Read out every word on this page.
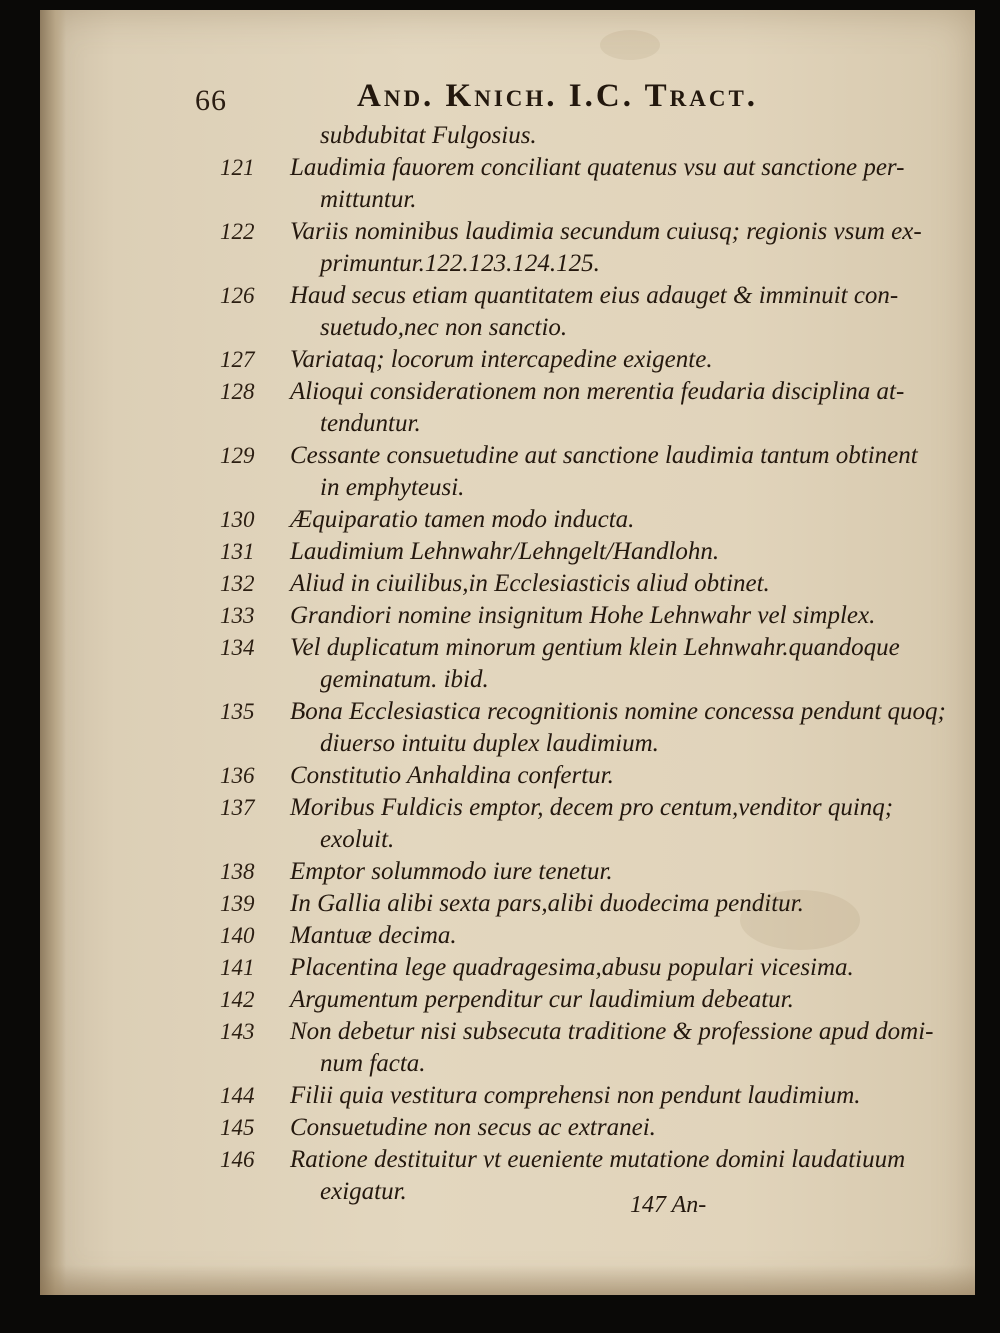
66	And. Knich. I.C. Tract.
subdubitat Fulgosius.
121	Laudimia fauorem conciliant quatenus vsu aut sanctione per-
mittuntur.
122	Variis nominibus laudimia secundum cuiusq; regionis vsum ex-
primuntur.122.123.124.125.
126	Haud secus etiam quantitatem eius adauget & imminuit con-
suetudo,nec non sanctio.
127	Variataq; locorum intercapedine exigente.
128	Alioqui considerationem non merentia feudaria disciplina at-
tenduntur.
129	Cessante consuetudine aut sanctione laudimia tantum obtinent
in emphyteusi.
130	Æquiparatio tamen modo inducta.
131	Laudimium Lehnwahr/Lehngelt/Handlohn.
132	Aliud in ciuilibus,in Ecclesiasticis aliud obtinet.
133	Grandiori nomine insignitum Hohe Lehnwahr vel simplex.
134	Vel duplicatum minorum gentium klein Lehnwahr.quandoque
geminatum. ibid.
135	Bona Ecclesiastica recognitionis nomine concessa pendunt quoq;
diuerso intuitu duplex laudimium.
136	Constitutio Anhaldina confertur.
137	Moribus Fuldicis emptor, decem pro centum,venditor quinq;
exoluit.
138	Emptor solummodo iure tenetur.
139	In Gallia alibi sexta pars,alibi duodecima penditur.
140	Mantuæ decima.
141	Placentina lege quadragesima,abusu populari vicesima.
142	Argumentum perpenditur cur laudimium debeatur.
143	Non debetur nisi subsecuta traditione & professione apud domi-
num facta.
144	Filii quia vestitura comprehensi non pendunt laudimium.
145	Consuetudine non secus ac extranei.
146	Ratione destituitur vt eueniente mutatione domini laudatiuum
exigatur.	147 An-
